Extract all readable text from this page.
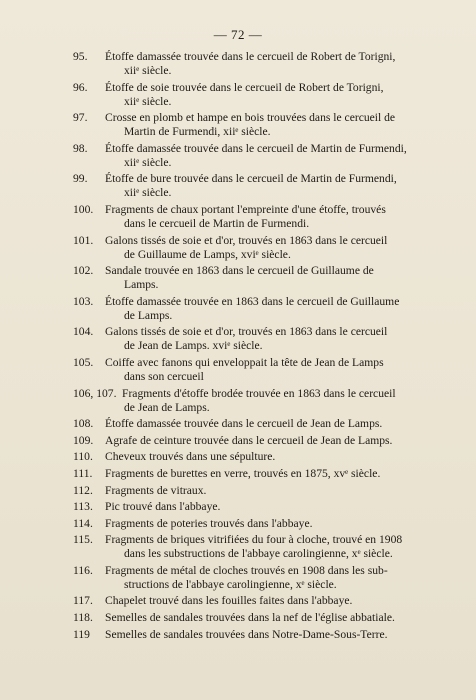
— 72 —
95.	Étoffe damassée trouvée dans le cercueil de Robert de Torigni,
xiiᵉ siècle.
96.	Étoffe de soie trouvée dans le cercueil de Robert de Torigni,
xiiᵉ siècle.
97.	Crosse en plomb et hampe en bois trouvées dans le cercueil de
Martin de Furmendi, xiiᵉ siècle.
98.	Étoffe damassée trouvée dans le cercueil de Martin de Furmendi,
xiiᵉ siècle.
99.	Étoffe de bure trouvée dans le cercueil de Martin de Furmendi,
xiiᵉ siècle.
100.	Fragments de chaux portant l'empreinte d'une étoffe, trouvés
dans le cercueil de Martin de Furmendi.
101.	Galons tissés de soie et d'or, trouvés en 1863 dans le cercueil
de Guillaume de Lamps, xviᵉ siècle.
102.	Sandale trouvée en 1863 dans le cercueil de Guillaume de
Lamps.
103.	Étoffe damassée trouvée en 1863 dans le cercueil de Guillaume
de Lamps.
104.	Galons tissés de soie et d'or, trouvés en 1863 dans le cercueil
de Jean de Lamps. xviᵉ siècle.
105.	Coiffe avec fanons qui enveloppait la tête de Jean de Lamps
dans son cercueil
106, 107. Fragments d'étoffe brodée trouvée en 1863 dans le cercueil
de Jean de Lamps.
108.	Étoffe damassée trouvée dans le cercueil de Jean de Lamps.
109.	Agrafe de ceinture trouvée dans le cercueil de Jean de Lamps.
110.	Cheveux trouvés dans une sépulture.
111.	Fragments de burettes en verre, trouvés en 1875, xvᵉ siècle.
112.	Fragments de vitraux.
113.	Pic trouvé dans l'abbaye.
114.	Fragments de poteries trouvés dans l'abbaye.
115.	Fragments de briques vitrifiées du four à cloche, trouvé en 1908
dans les substructions de l'abbaye carolingienne, xᵉ siècle.
116.	Fragments de métal de cloches trouvés en 1908 dans les sub-
structions de l'abbaye carolingienne, xᵉ siècle.
117.	Chapelet trouvé dans les fouilles faites dans l'abbaye.
118.	Semelles de sandales trouvées dans la nef de l'église abbatiale.
119	Semelles de sandales trouvées dans Notre-Dame-Sous-Terre.
